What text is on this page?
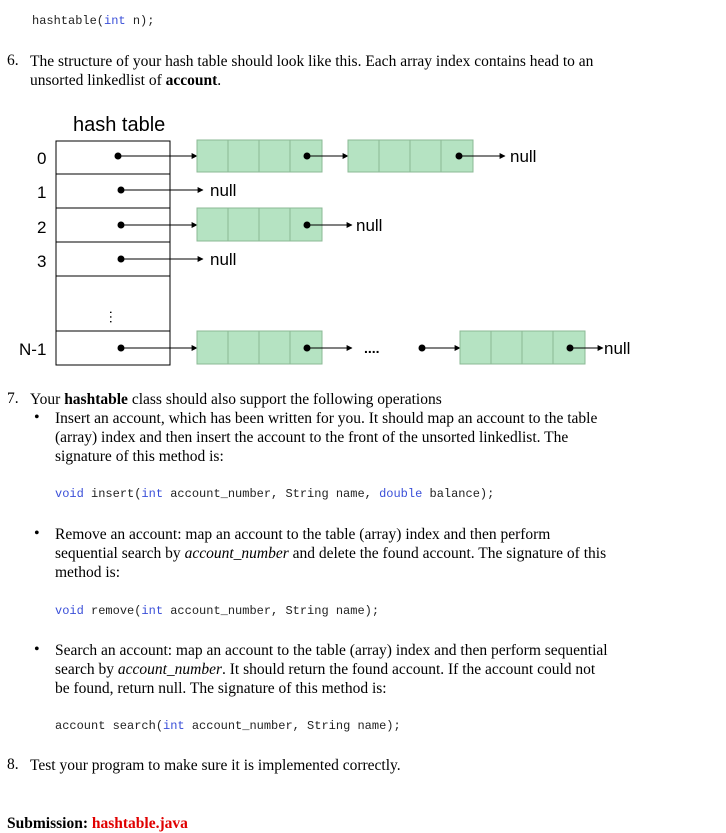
hashtable(int n);
6. The structure of your hash table should look like this. Each array index contains head to an
unsorted linkedlist of account.
hash table
0
1
2
3
N-1
···
null
null
null
null
....	null
7. Your hashtable class should also support the following operations
• Insert an account, which has been written for you. It should map an account to the table
(array) index and then insert the account to the front of the unsorted linkedlist. The
signature of this method is:
void insert(int account_number, String name, double balance);
• Remove an account: map an account to the table (array) index and then perform
sequential search by account_number and delete the found account. The signature of this
method is:
void remove(int account_number, String name);
• Search an account: map an account to the table (array) index and then perform sequential
search by account_number. It should return the found account. If the account could not
be found, return null. The signature of this method is:
account search(int account_number, String name);
8. Test your program to make sure it is implemented correctly.
Submission: hashtable.java
